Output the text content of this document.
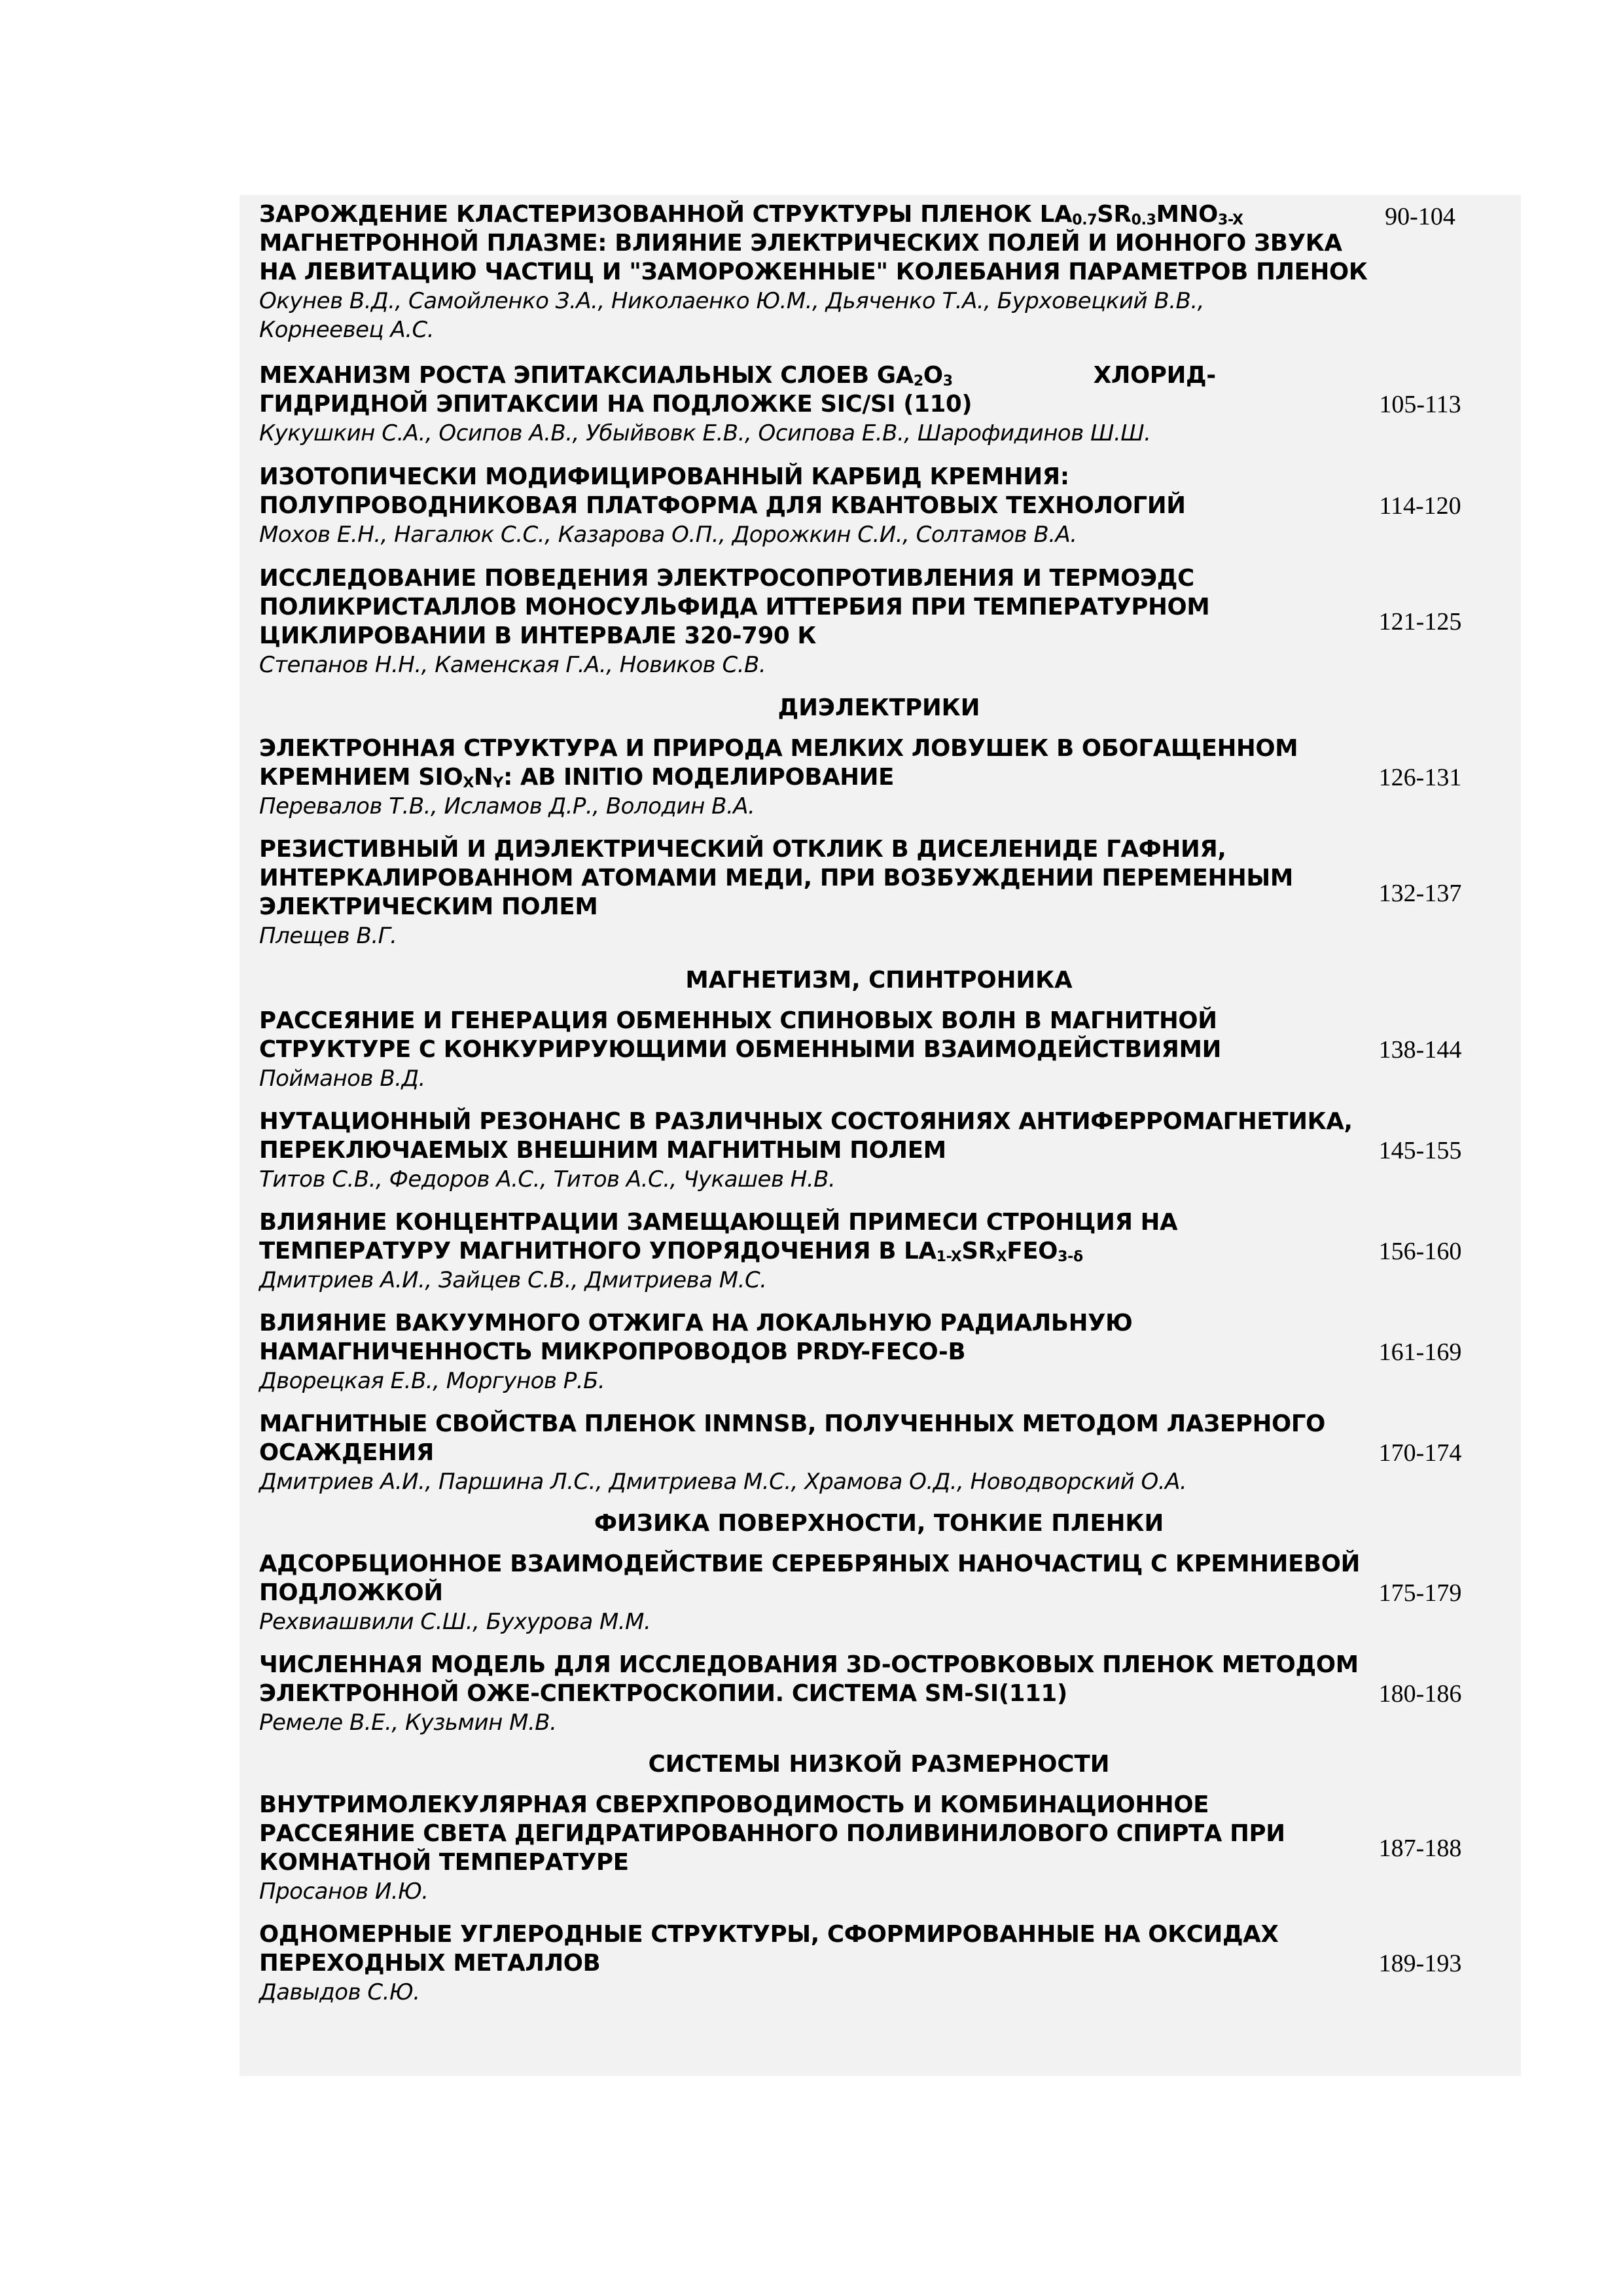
ЗАРОЖДЕНИЕ КЛАСТЕРИЗОВАННОЙ СТРУКТУРЫ ПЛЕНОК $LA_{0.7}SR_{0.3}MNO_{3-X}$
МАГНЕТРОННОЙ ПЛАЗМЕ: ВЛИЯНИЕ ЭЛЕКТРИЧЕСКИХ ПОЛЕЙ И ИОННОГО ЗВУКА
НА ЛЕВИТАЦИЮ ЧАСТИЦ И "ЗАМОРОЖЕННЫЕ" КОЛЕБАНИЯ ПАРАМЕТРОВ ПЛЕНОК
Окунев В.Д., Самойленко З.А., Николаенко Ю.М., Дьяченко Т.А., Бурховецкий В.В.,
Корнеевец А.С.
90-104
МЕХАНИЗМ РОСТА ЭПИТАКСИАЛЬНЫХ СЛОЕВ $GA_2O_3$	ХЛОРИД-
ГИДРИДНОЙ ЭПИТАКСИИ НА ПОДЛОЖКЕ SIC/SI (110)
Кукушкин С.А., Осипов А.В., Убыйвовк Е.В., Осипова Е.В., Шарофидинов Ш.Ш.
105-113
ИЗОТОПИЧЕСКИ МОДИФИЦИРОВАННЫЙ КАРБИД КРЕМНИЯ:
ПОЛУПРОВОДНИКОВАЯ ПЛАТФОРМА ДЛЯ КВАНТОВЫХ ТЕХНОЛОГИЙ
Мохов Е.Н., Нагалюк С.С., Казарова О.П., Дорожкин С.И., Солтамов В.А.
114-120
ИССЛЕДОВАНИЕ ПОВЕДЕНИЯ ЭЛЕКТРОСОПРОТИВЛЕНИЯ И ТЕРМОЭДС
ПОЛИКРИСТАЛЛОВ МОНОСУЛЬФИДА ИТТЕРБИЯ ПРИ ТЕМПЕРАТУРНОМ
ЦИКЛИРОВАНИИ В ИНТЕРВАЛЕ 320-790 К
Степанов Н.Н., Каменская Г.А., Новиков С.В.
121-125
ДИЭЛЕКТРИКИ
ЭЛЕКТРОННАЯ СТРУКТУРА И ПРИРОДА МЕЛКИХ ЛОВУШЕК В ОБОГАЩЕННОМ
КРЕМНИЕМ $SIO_XN_Y$: AB INITIO МОДЕЛИРОВАНИЕ
Перевалов Т.В., Исламов Д.Р., Володин В.А.
126-131
РЕЗИСТИВНЫЙ И ДИЭЛЕКТРИЧЕСКИЙ ОТКЛИК В ДИСЕЛЕНИДЕ ГАФНИЯ,
ИНТЕРКАЛИРОВАННОМ АТОМАМИ МЕДИ, ПРИ ВОЗБУЖДЕНИИ ПЕРЕМЕННЫМ
ЭЛЕКТРИЧЕСКИМ ПОЛЕМ
Плещев В.Г.
132-137
МАГНЕТИЗМ, СПИНТРОНИКА
РАССЕЯНИЕ И ГЕНЕРАЦИЯ ОБМЕННЫХ СПИНОВЫХ ВОЛН В МАГНИТНОЙ
СТРУКТУРЕ С КОНКУРИРУЮЩИМИ ОБМЕННЫМИ ВЗАИМОДЕЙСТВИЯМИ
Пойманов В.Д.
138-144
НУТАЦИОННЫЙ РЕЗОНАНС В РАЗЛИЧНЫХ СОСТОЯНИЯХ АНТИФЕРРОМАГНЕТИКА,
ПЕРЕКЛЮЧАЕМЫХ ВНЕШНИМ МАГНИТНЫМ ПОЛЕМ
Титов С.В., Федоров А.С., Титов А.С., Чукашев Н.В.
145-155
ВЛИЯНИЕ КОНЦЕНТРАЦИИ ЗАМЕЩАЮЩЕЙ ПРИМЕСИ СТРОНЦИЯ НА
ТЕМПЕРАТУРУ МАГНИТНОГО УПОРЯДОЧЕНИЯ В $LA_{1-X}SR_XFEO_{3-\delta}$
Дмитриев А.И., Зайцев С.В., Дмитриева М.С.
156-160
ВЛИЯНИЕ ВАКУУМНОГО ОТЖИГА НА ЛОКАЛЬНУЮ РАДИАЛЬНУЮ
НАМАГНИЧЕННОСТЬ МИКРОПРОВОДОВ PRDY-FECO-B
Дворецкая Е.В., Моргунов Р.Б.
161-169
МАГНИТНЫЕ СВОЙСТВА ПЛЕНОК INMNSB, ПОЛУЧЕННЫХ МЕТОДОМ ЛАЗЕРНОГО
ОСАЖДЕНИЯ
Дмитриев А.И., Паршина Л.С., Дмитриева М.С., Храмова О.Д., Новодворский О.А.
170-174
ФИЗИКА ПОВЕРХНОСТИ, ТОНКИЕ ПЛЕНКИ
АДСОРБЦИОННОЕ ВЗАИМОДЕЙСТВИЕ СЕРЕБРЯНЫХ НАНОЧАСТИЦ С КРЕМНИЕВОЙ
ПОДЛОЖКОЙ
Рехвиашвили С.Ш., Бухурова М.М.
175-179
ЧИСЛЕННАЯ МОДЕЛЬ ДЛЯ ИССЛЕДОВАНИЯ 3D-ОСТРОВКОВЫХ ПЛЕНОК МЕТОДОМ
ЭЛЕКТРОННОЙ ОЖЕ-СПЕКТРОСКОПИИ. СИСТЕМА SM-SI(111)
Ремеле В.Е., Кузьмин М.В.
180-186
СИСТЕМЫ НИЗКОЙ РАЗМЕРНОСТИ
ВНУТРИМОЛЕКУЛЯРНАЯ СВЕРХПРОВОДИМОСТЬ И КОМБИНАЦИОННОЕ
РАССЕЯНИЕ СВЕТА ДЕГИДРАТИРОВАННОГО ПОЛИВИНИЛОВОГО СПИРТА ПРИ
КОМНАТНОЙ ТЕМПЕРАТУРЕ
Просанов И.Ю.
187-188
ОДНОМЕРНЫЕ УГЛЕРОДНЫЕ СТРУКТУРЫ, СФОРМИРОВАННЫЕ НА ОКСИДАХ
ПЕРЕХОДНЫХ МЕТАЛЛОВ
Давыдов С.Ю.
189-193
